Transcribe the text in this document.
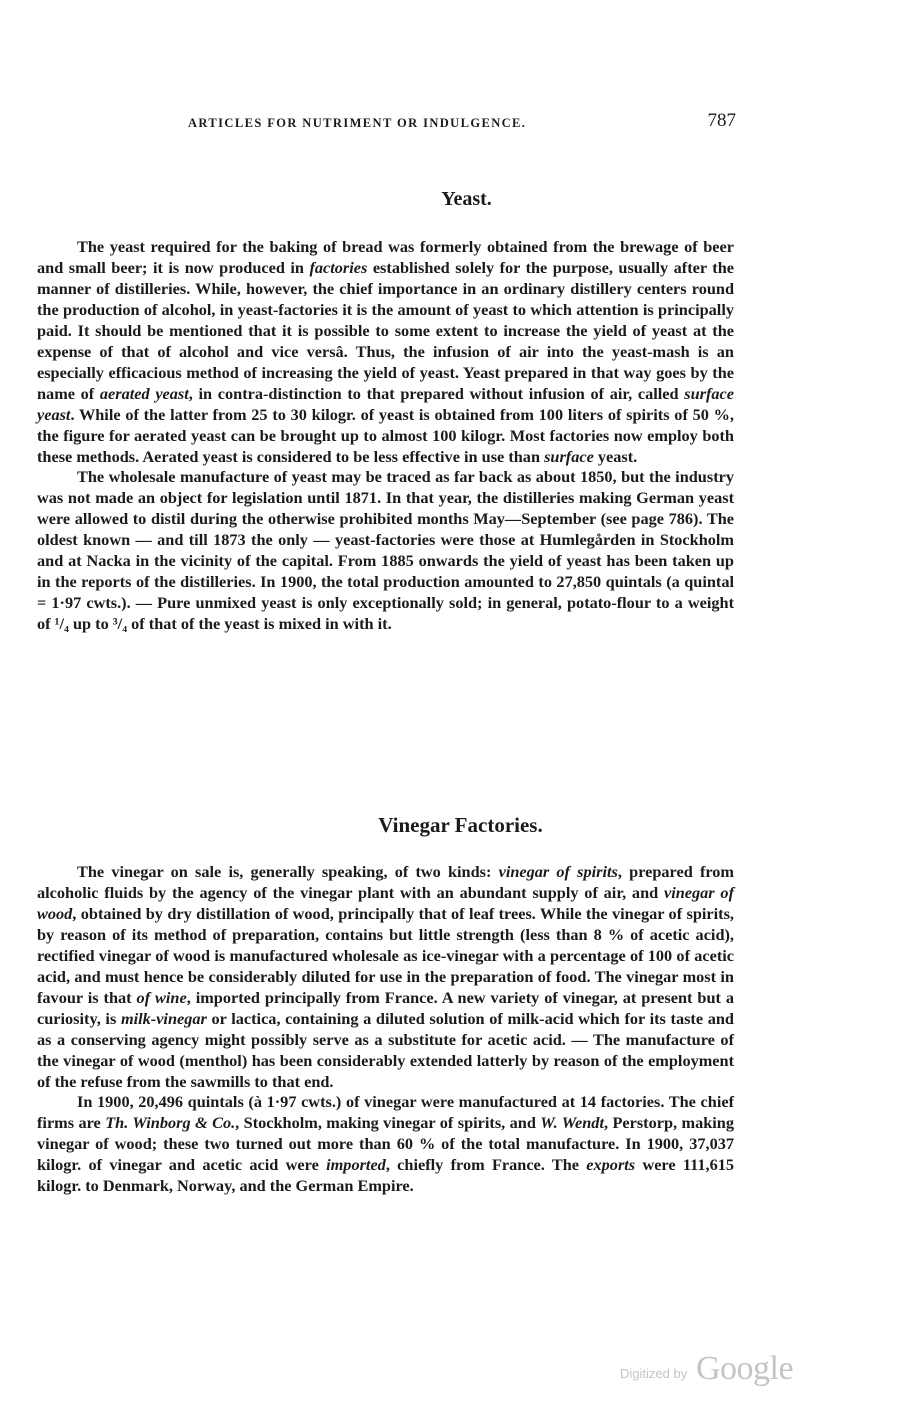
ARTICLES FOR NUTRIMENT OR INDULGENCE.	787
Yeast.

The yeast required for the baking of bread was formerly obtained from the brewage of beer and small beer; it is now produced in factories established solely for the purpose, usually after the manner of distilleries. While, however, the chief importance in an ordinary distillery centers round the production of alcohol, in yeast-factories it is the amount of yeast to which attention is principally paid. It should be mentioned that it is possible to some extent to increase the yield of yeast at the expense of that of alcohol and vice versâ. Thus, the infusion of air into the yeast-mash is an especially efficacious method of increasing the yield of yeast. Yeast prepared in that way goes by the name of aerated yeast, in contra-distinction to that prepared without infusion of air, called surface yeast. While of the latter from 25 to 30 kilogr. of yeast is obtained from 100 liters of spirits of 50 %, the figure for aerated yeast can be brought up to almost 100 kilogr. Most factories now employ both these methods. Aerated yeast is considered to be less effective in use than surface yeast.

The wholesale manufacture of yeast may be traced as far back as about 1850, but the industry was not made an object for legislation until 1871. In that year, the distilleries making German yeast were allowed to distil during the otherwise prohibited months May—September (see page 786). The oldest known — and till 1873 the only — yeast-factories were those at Humlegården in Stockholm and at Nacka in the vicinity of the capital. From 1885 onwards the yield of yeast has been taken up in the reports of the distilleries. In 1900, the total production amounted to 27,850 quintals (a quintal = 1·97 cwts.). — Pure unmixed yeast is only exceptionally sold; in general, potato-flour to a weight of ¹/₄ up to ³/₄ of that of the yeast is mixed in with it.

Vinegar Factories.

The vinegar on sale is, generally speaking, of two kinds: vinegar of spirits, prepared from alcoholic fluids by the agency of the vinegar plant with an abundant supply of air, and vinegar of wood, obtained by dry distillation of wood, principally that of leaf trees. While the vinegar of spirits, by reason of its method of preparation, contains but little strength (less than 8 % of acetic acid), rectified vinegar of wood is manufactured wholesale as ice-vinegar with a percentage of 100 of acetic acid, and must hence be considerably diluted for use in the preparation of food. The vinegar most in favour is that of wine, imported principally from France. A new variety of vinegar, at present but a curiosity, is milk-vinegar or lactica, containing a diluted solution of milk-acid which for its taste and as a conserving agency might possibly serve as a substitute for acetic acid. — The manufacture of the vinegar of wood (menthol) has been considerably extended latterly by reason of the employment of the refuse from the sawmills to that end.

In 1900, 20,496 quintals (à 1·97 cwts.) of vinegar were manufactured at 14 factories. The chief firms are Th. Winborg & Co., Stockholm, making vinegar of spirits, and W. Wendt, Perstorp, making vinegar of wood; these two turned out more than 60 % of the total manufacture. In 1900, 37,037 kilogr. of vinegar and acetic acid were imported, chiefly from France. The exports were 111,615 kilogr. to Denmark, Norway, and the German Empire.

Digitized by Google
